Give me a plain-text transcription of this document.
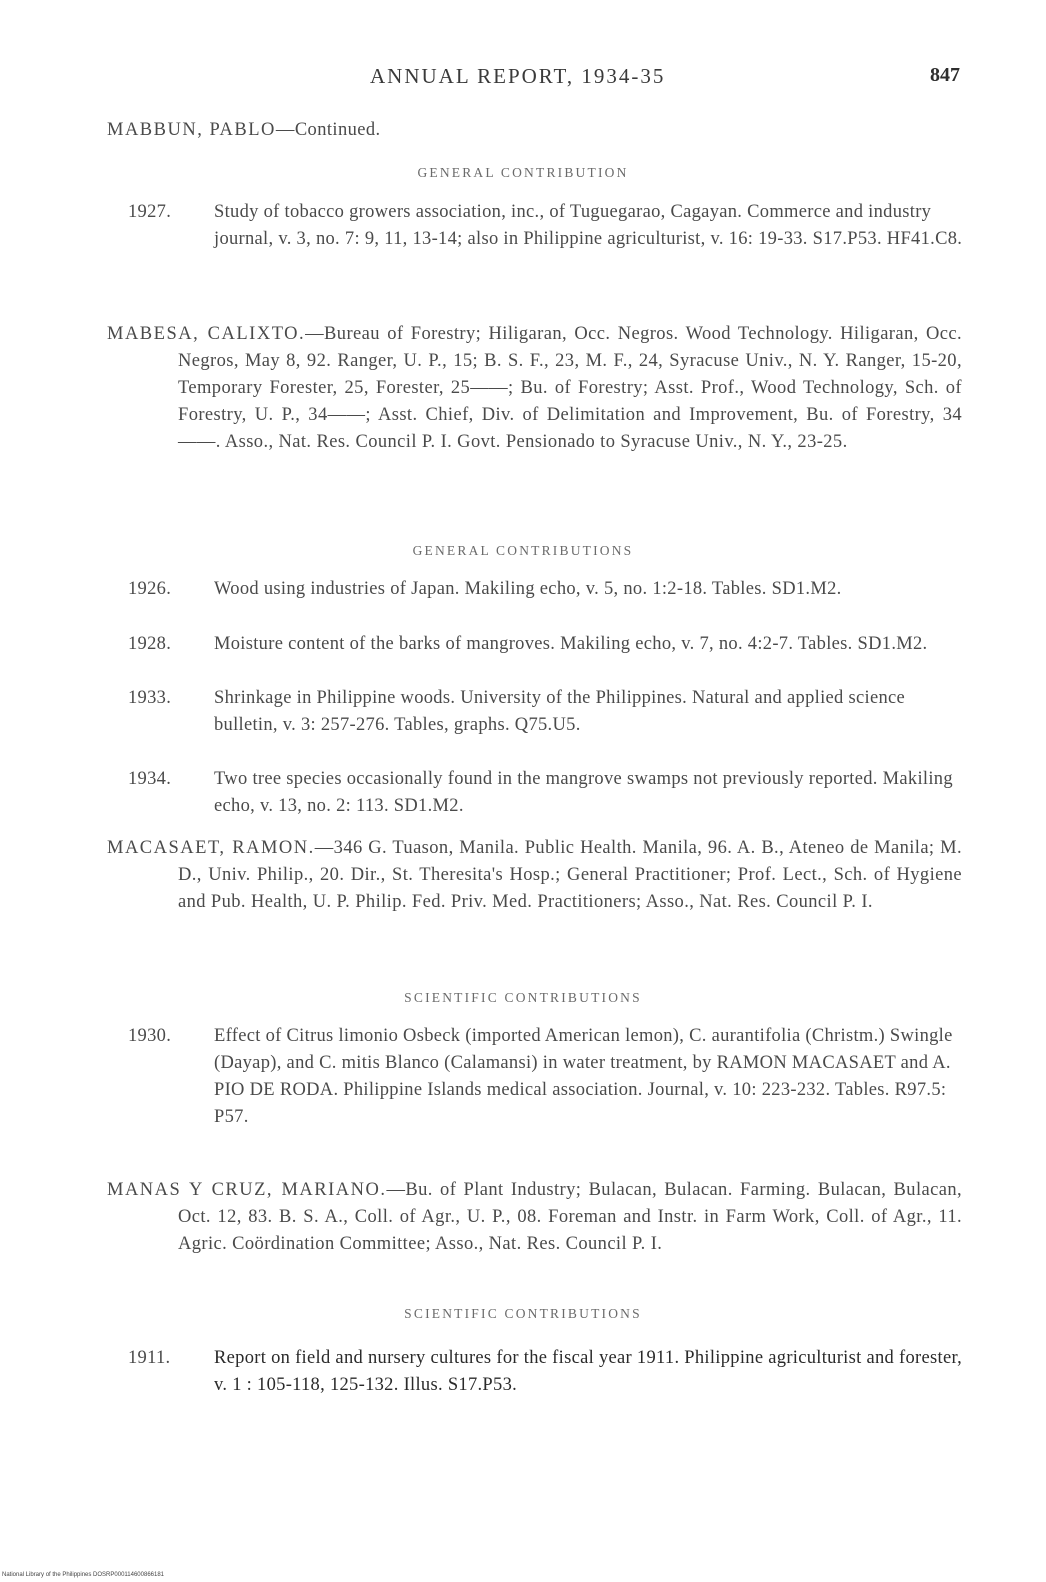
ANNUAL REPORT, 1934-35	847
MABBUN, PABLO—Continued.
GENERAL CONTRIBUTION
1927. Study of tobacco growers association, inc., of Tuguegarao, Cagayan. Commerce and industry journal, v. 3, no. 7: 9, 11, 13-14; also in Philippine agriculturist, v. 16: 19-33. S17.P53. HF41.C8.
MABESA, CALIXTO.—Bureau of Forestry; Hiligaran, Occ. Negros. Wood Technology. Hiligaran, Occ. Negros, May 8, 92. Ranger, U. P., 15; B. S. F., 23, M. F., 24, Syracuse Univ., N. Y. Ranger, 15-20, Temporary Forester, 25, Forester, 25——; Bu. of Forestry; Asst. Prof., Wood Technology, Sch. of Forestry, U. P., 34——; Asst. Chief, Div. of Delimitation and Improvement, Bu. of Forestry, 34——. Asso., Nat. Res. Council P. I. Govt. Pensionado to Syracuse Univ., N. Y., 23-25.
GENERAL CONTRIBUTIONS
1926. Wood using industries of Japan. Makiling echo, v. 5, no. 1:2-18. Tables. SD1.M2.
1928. Moisture content of the barks of mangroves. Makiling echo, v. 7, no. 4:2-7. Tables. SD1.M2.
1933. Shrinkage in Philippine woods. University of the Philippines. Natural and applied science bulletin, v. 3: 257-276. Tables, graphs. Q75.U5.
1934. Two tree species occasionally found in the mangrove swamps not previously reported. Makiling echo, v. 13, no. 2: 113. SD1.M2.
MACASAET, RAMON.—346 G. Tuason, Manila. Public Health. Manila, 96. A. B., Ateneo de Manila; M. D., Univ. Philip., 20. Dir., St. Theresita's Hosp.; General Practitioner; Prof. Lect., Sch. of Hygiene and Pub. Health, U. P. Philip. Fed. Priv. Med. Practitioners; Asso., Nat. Res. Council P. I.
SCIENTIFIC CONTRIBUTIONS
1930. Effect of Citrus limonio Osbeck (imported American lemon), C. aurantifolia (Christm.) Swingle (Dayap), and C. mitis Blanco (Calamansi) in water treatment, by RAMON MACASAET and A. PIO DE RODA. Philippine Islands medical association. Journal, v. 10: 223-232. Tables. R97.5: P57.
MANAS Y CRUZ, MARIANO.—Bu. of Plant Industry; Bulacan, Bulacan. Farming. Bulacan, Bulacan, Oct. 12, 83. B. S. A., Coll. of Agr., U. P., 08. Foreman and Instr. in Farm Work, Coll. of Agr., 11. Agric. Coördination Committee; Asso., Nat. Res. Council P. I.
SCIENTIFIC CONTRIBUTIONS
1911. Report on field and nursery cultures for the fiscal year 1911. Philippine agriculturist and forester, v. 1 : 105-118, 125-132. Illus. S17.P53.
National Library of the Philippines DOSRP000114600866181
